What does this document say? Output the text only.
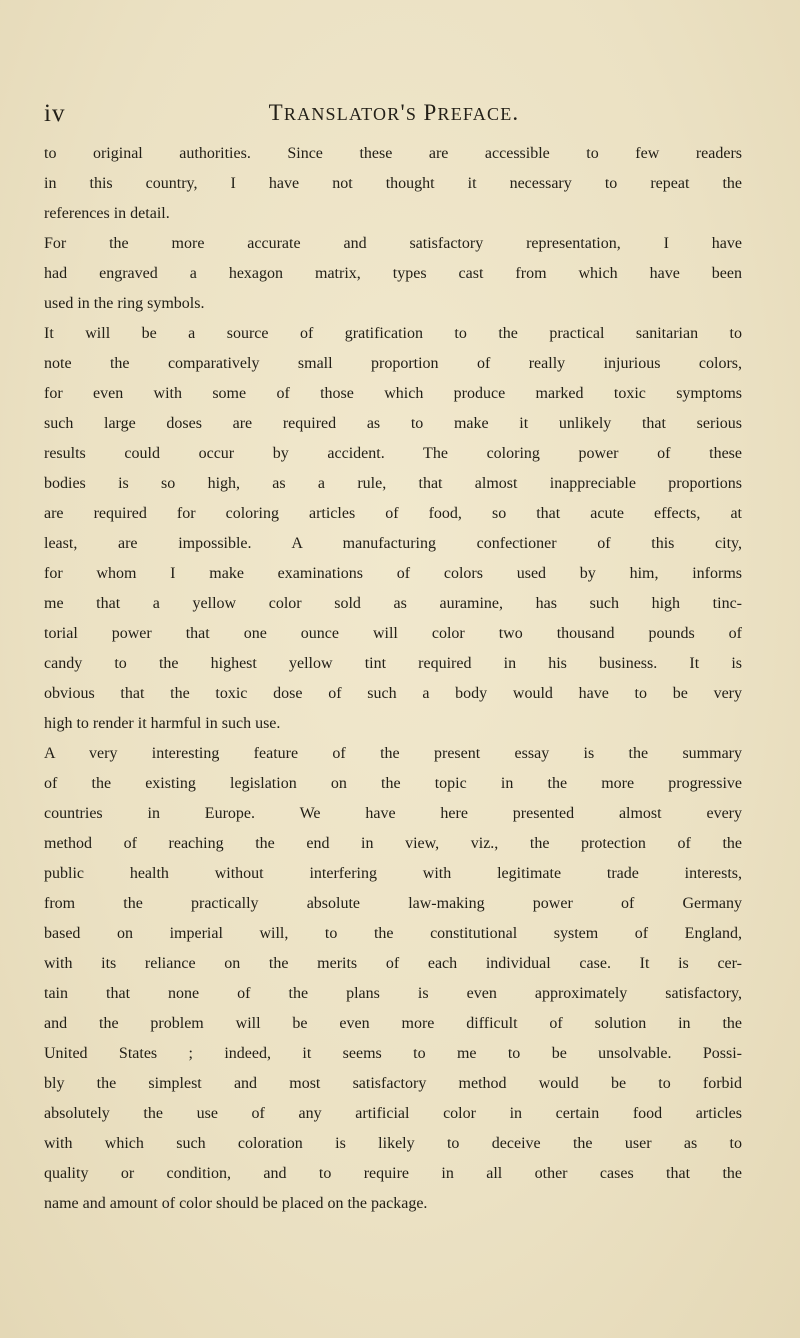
iv	TRANSLATOR'S PREFACE.
to original authorities. Since these are accessible to few readers
in this country, I have not thought it necessary to repeat the
references in detail.
For the more accurate and satisfactory representation, I have
had engraved a hexagon matrix, types cast from which have been
used in the ring symbols.
It will be a source of gratification to the practical sanitarian to
note the comparatively small proportion of really injurious colors,
for even with some of those which produce marked toxic symptoms
such large doses are required as to make it unlikely that serious
results could occur by accident. The coloring power of these
bodies is so high, as a rule, that almost inappreciable proportions
are required for coloring articles of food, so that acute effects, at
least, are impossible. A manufacturing confectioner of this city,
for whom I make examinations of colors used by him, informs
me that a yellow color sold as auramine, has such high tinc-
torial power that one ounce will color two thousand pounds of
candy to the highest yellow tint required in his business. It is
obvious that the toxic dose of such a body would have to be very
high to render it harmful in such use.
A very interesting feature of the present essay is the summary
of the existing legislation on the topic in the more progressive
countries in Europe. We have here presented almost every
method of reaching the end in view, viz., the protection of the
public health without interfering with legitimate trade interests,
from the practically absolute law-making power of Germany
based on imperial will, to the constitutional system of England,
with its reliance on the merits of each individual case. It is cer-
tain that none of the plans is even approximately satisfactory,
and the problem will be even more difficult of solution in the
United States ; indeed, it seems to me to be unsolvable. Possi-
bly the simplest and most satisfactory method would be to forbid
absolutely the use of any artificial color in certain food articles
with which such coloration is likely to deceive the user as to
quality or condition, and to require in all other cases that the
name and amount of color should be placed on the package.
